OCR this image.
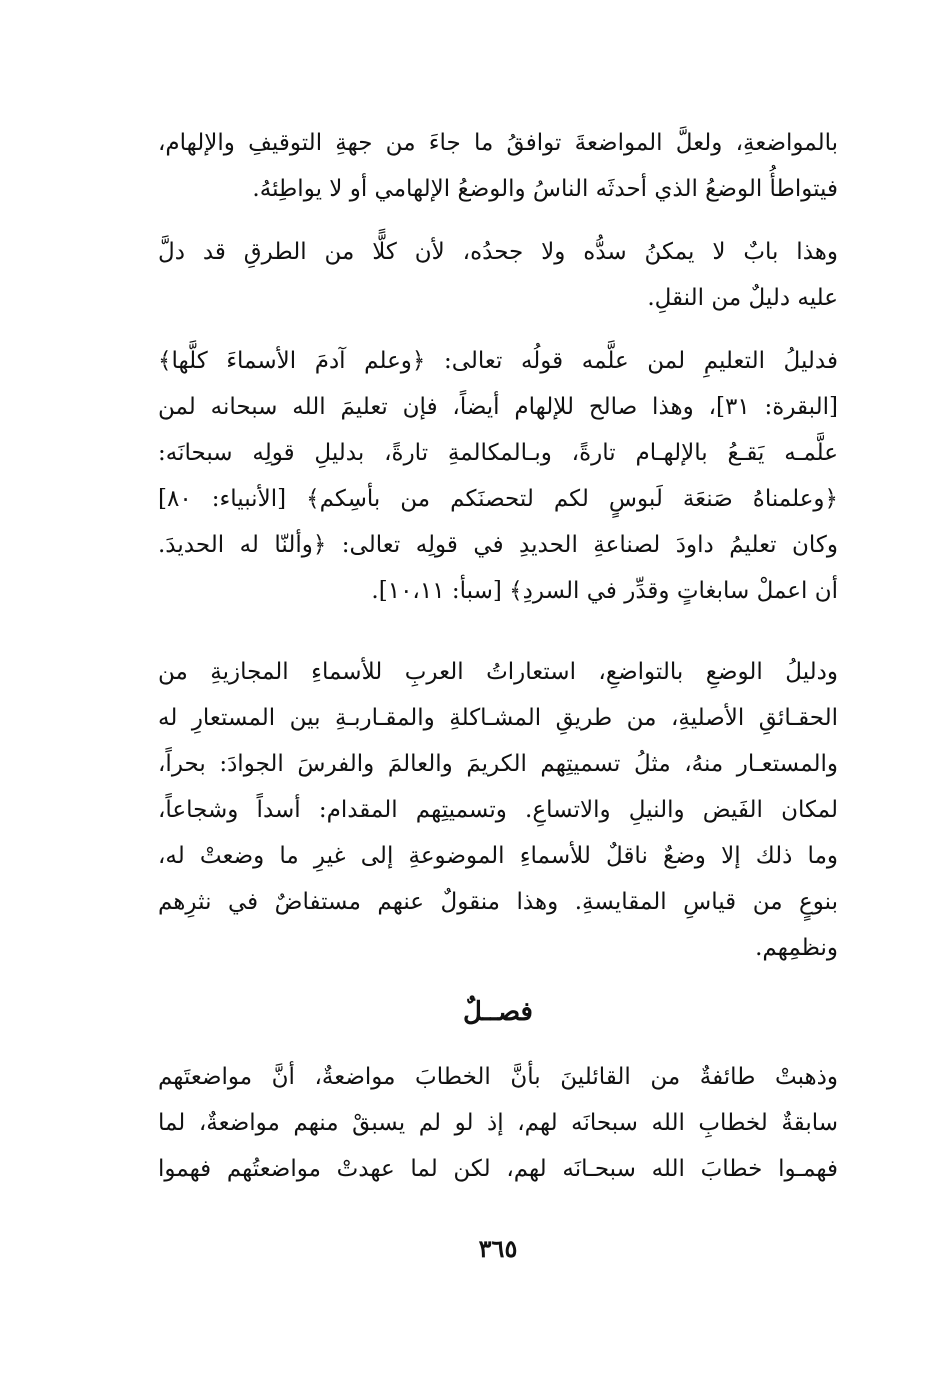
بالمواضعةِ، ولعلَّ المواضعةَ توافقُ ما جاءَ من جهةِ التوقيفِ والإلهام،
فيتواطأُ الوضعُ الذي أحدثَه الناسُ والوضعُ الإلهامي أو لا يواطِئهُ.
وهذا بابٌ لا يمكنُ سدُّه ولا جحدُه، لأن كلًّا من الطرقِ قد دلَّ
عليه دليلٌ من النقلِ.
فدليلُ التعليمِ لمن علَّمه قولُه تعالى: ﴿وعلم آدمَ الأسماءَ كلَّها﴾
[البقرة: ٣١]، وهذا صالح للإلهام أيضاً، فإن تعليمَ الله سبحانه لمن
علَّمـه يَقـعُ بالإلهـام تارةً، وبـالمكالمةِ تارةً، بدليلِ قولِه سبحانَه:
﴿وعلمناهُ صَنعَة لَبوسٍ لكم لتحصنَكم من بأسِكم﴾ [الأنبياء: ٨٠]
وكان تعليمُ داودَ لصناعةِ الحديدِ في قولِه تعالى: ﴿وألنّا له الحديدَ.
أن اعملْ سابغاتٍ وقدِّر في السردِ﴾ [سبأ: ١٠،١١].
ودليلُ الوضعِ بالتواضعِ، استعاراتُ العربِ للأسماءِ المجازيةِ من
الحقـائقِ الأصليةِ، من طريقِ المشـاكلةِ والمقـاربـةِ بين المستعارِ له
والمستعـار منهُ، مثلُ تسميتِهم الكريمَ والعالمَ والفرسَ الجوادَ: بحراً،
لمكان الفَيض والنيلِ والاتساعِ. وتسميتِهم المقدام: أسداً وشجاعاً،
وما ذلك إلا وضعٌ ناقلٌ للأسماءِ الموضوعةِ إلى غيرِ ما وضعتْ له،
بنوعٍ من قياسِ المقايسةِ. وهذا منقولٌ عنهم مستفاضٌ في نثرِهم
ونظمِهم.
فصــلٌ
وذهبتْ طائفةٌ من القائلينَ بأنَّ الخطابَ مواضعةٌ، أنَّ مواضعتَهم
سابقةٌ لخطابِ الله سبحانَه لهم، إذ لو لم يسبقْ منهم مواضعةٌ، لما
فهمـوا خطابَ الله سبحـانَه لهم، لكن لما عهدتْ مواضعتُهم فهموا
٣٦٥
